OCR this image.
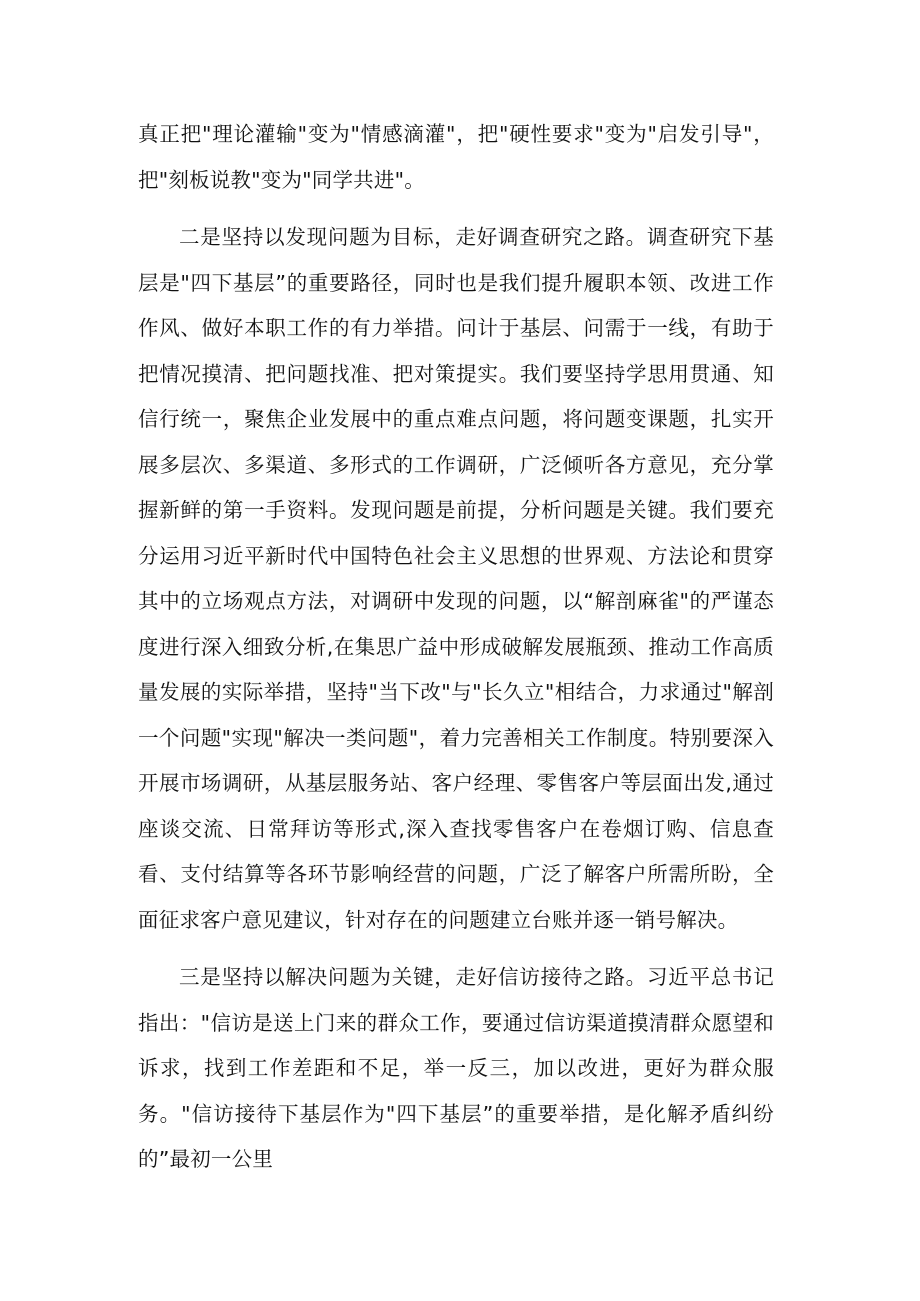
真正把"理论灌输"变为"情感滴灌"，把"硬性要求"变为"启发引导"，把"刻板说教"变为"同学共进"。

二是坚持以发现问题为目标，走好调查研究之路。调查研究下基层是"四下基层”的重要路径，同时也是我们提升履职本领、改进工作作风、做好本职工作的有力举措。问计于基层、问需于一线，有助于把情况摸清、把问题找准、把对策提实。我们要坚持学思用贯通、知信行统一，聚焦企业发展中的重点难点问题，将问题变课题，扎实开展多层次、多渠道、多形式的工作调研，广泛倾听各方意见，充分掌握新鲜的第一手资料。发现问题是前提，分析问题是关键。我们要充分运用习近平新时代中国特色社会主义思想的世界观、方法论和贯穿其中的立场观点方法，对调研中发现的问题，以“解剖麻雀"的严谨态度进行深入细致分析,在集思广益中形成破解发展瓶颈、推动工作高质量发展的实际举措，坚持"当下改"与"长久立"相结合，力求通过"解剖一个问题"实现"解决一类问题"，着力完善相关工作制度。特别要深入开展市场调研，从基层服务站、客户经理、零售客户等层面出发,通过座谈交流、日常拜访等形式,深入查找零售客户在卷烟订购、信息查看、支付结算等各环节影响经营的问题，广泛了解客户所需所盼，全面征求客户意见建议，针对存在的问题建立台账并逐一销号解决。

三是坚持以解决问题为关键，走好信访接待之路。习近平总书记指出："信访是送上门来的群众工作，要通过信访渠道摸清群众愿望和诉求，找到工作差距和不足，举一反三，加以改进，更好为群众服务。"信访接待下基层作为"四下基层”的重要举措，是化解矛盾纠纷的”最初一公里
